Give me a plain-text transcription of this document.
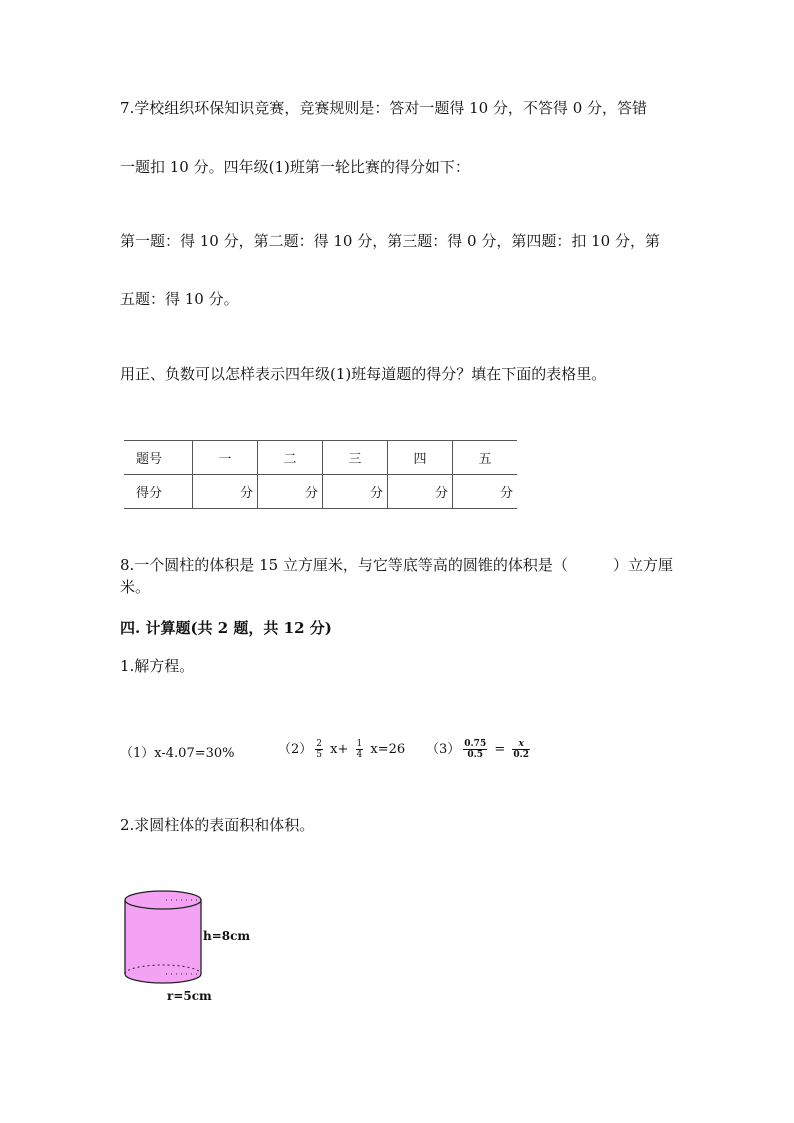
7.学校组织环保知识竞赛，竞赛规则是：答对一题得 10 分，不答得 0 分，答错
一题扣 10 分。四年级(1)班第一轮比赛的得分如下：
第一题：得 10 分，第二题：得 10 分，第三题：得 0 分，第四题：扣 10 分，第
五题：得 10 分。
用正、负数可以怎样表示四年级(1)班每道题的得分？填在下面的表格里。
题号	一	二	三	四	五
得分	分	分	分	分	分
8.一个圆柱的体积是 15 立方厘米，与它等底等高的圆锥的体积是（　　　）立方厘米。
四. 计算题(共 2 题，共 12 分)
1.解方程。
（1）x-4.07=30%	$(2) \frac{2}{5} x+ \frac{1}{4} x=26$ $(3) \frac{0.75}{0.5} = \frac{x}{0.2}$
2.求圆柱体的表面积和体积。
h=8cm
r=5cm
